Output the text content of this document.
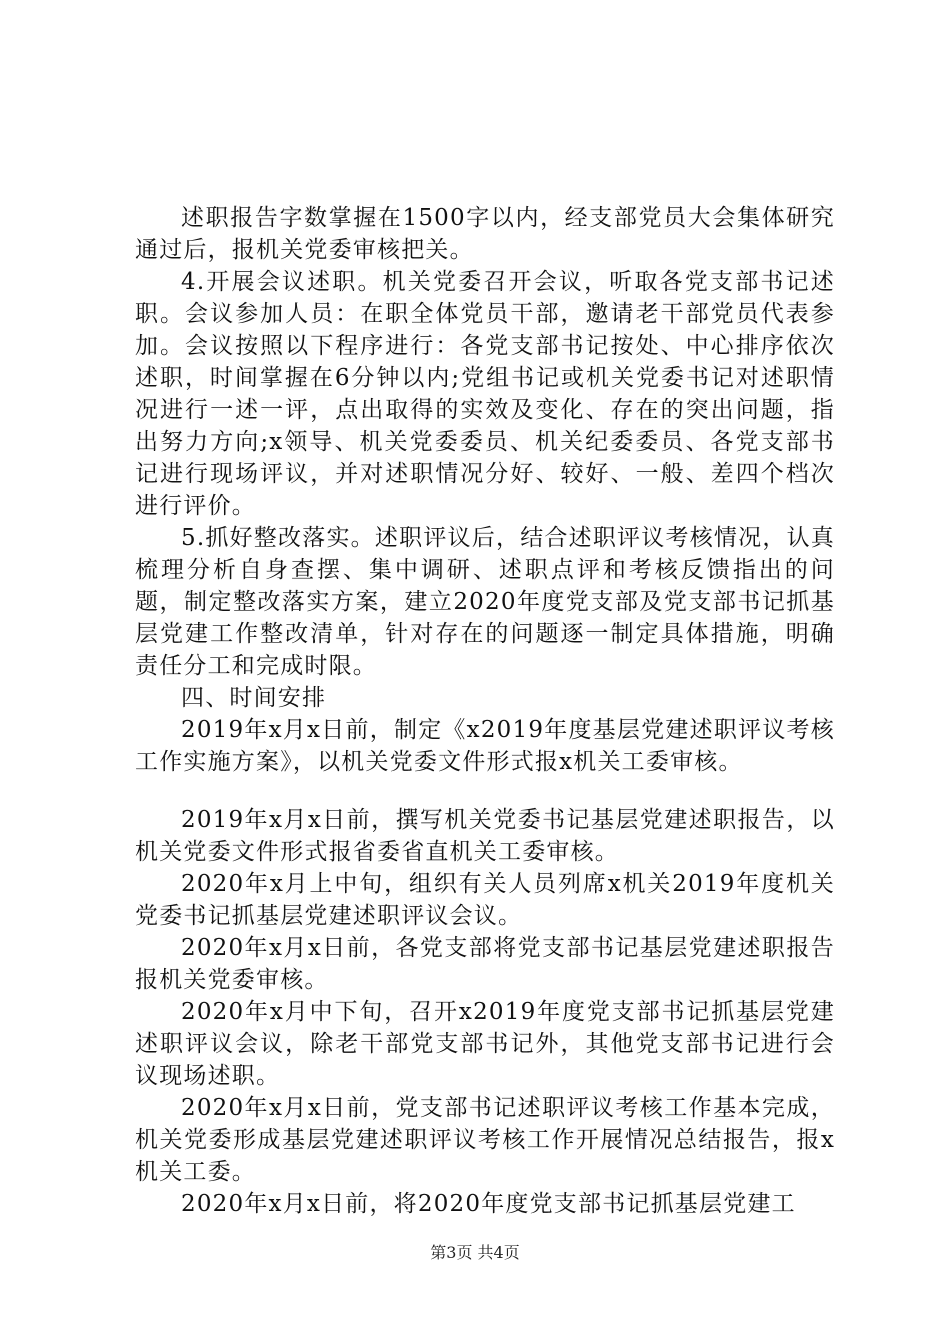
述职报告字数掌握在1500字以内，经支部党员大会集体研究通过后，报机关党委审核把关。

4.开展会议述职。机关党委召开会议，听取各党支部书记述职。会议参加人员：在职全体党员干部，邀请老干部党员代表参加。会议按照以下程序进行：各党支部书记按处、中心排序依次述职，时间掌握在6分钟以内;党组书记或机关党委书记对述职情况进行一述一评，点出取得的实效及变化、存在的突出问题，指出努力方向;x领导、机关党委委员、机关纪委委员、各党支部书记进行现场评议，并对述职情况分好、较好、一般、差四个档次进行评价。

5.抓好整改落实。述职评议后，结合述职评议考核情况，认真梳理分析自身查摆、集中调研、述职点评和考核反馈指出的问题，制定整改落实方案，建立2020年度党支部及党支部书记抓基层党建工作整改清单，针对存在的问题逐一制定具体措施，明确责任分工和完成时限。

四、时间安排

2019年x月x日前，制定《x2019年度基层党建述职评议考核工作实施方案》，以机关党委文件形式报x机关工委审核。

2019年x月x日前，撰写机关党委书记基层党建述职报告，以机关党委文件形式报省委省直机关工委审核。

2020年x月上中旬，组织有关人员列席x机关2019年度机关党委书记抓基层党建述职评议会议。

2020年x月x日前，各党支部将党支部书记基层党建述职报告报机关党委审核。

2020年x月中下旬，召开x2019年度党支部书记抓基层党建述职评议会议，除老干部党支部书记外，其他党支部书记进行会议现场述职。

2020年x月x日前，党支部书记述职评议考核工作基本完成，机关党委形成基层党建述职评议考核工作开展情况总结报告，报x机关工委。

2020年x月x日前，将2020年度党支部书记抓基层党建工

第3页 共4页
